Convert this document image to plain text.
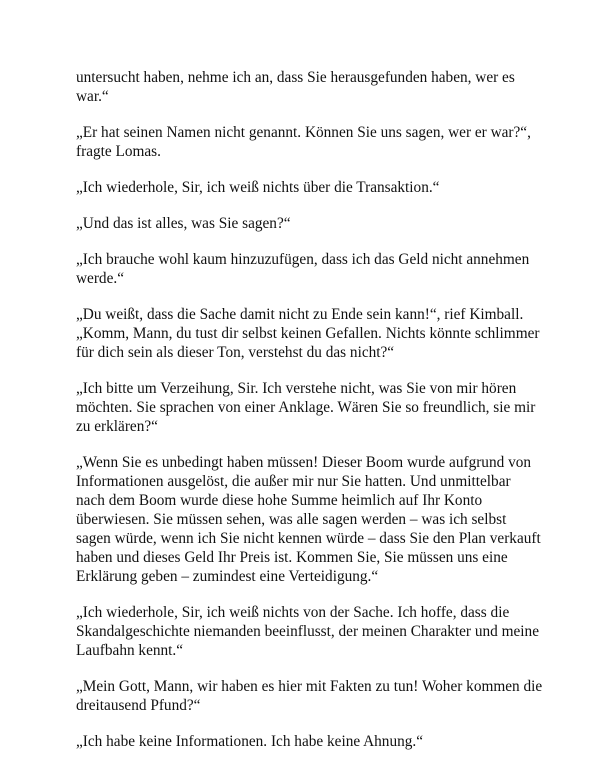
untersucht haben, nehme ich an, dass Sie herausgefunden haben, wer es
war.“

„Er hat seinen Namen nicht genannt. Können Sie uns sagen, wer er war?“,
fragte Lomas.

„Ich wiederhole, Sir, ich weiß nichts über die Transaktion.“

„Und das ist alles, was Sie sagen?“

„Ich brauche wohl kaum hinzuzufügen, dass ich das Geld nicht annehmen
werde.“

„Du weißt, dass die Sache damit nicht zu Ende sein kann!“, rief Kimball.
„Komm, Mann, du tust dir selbst keinen Gefallen. Nichts könnte schlimmer
für dich sein als dieser Ton, verstehst du das nicht?“

„Ich bitte um Verzeihung, Sir. Ich verstehe nicht, was Sie von mir hören
möchten. Sie sprachen von einer Anklage. Wären Sie so freundlich, sie mir
zu erklären?“

„Wenn Sie es unbedingt haben müssen! Dieser Boom wurde aufgrund von
Informationen ausgelöst, die außer mir nur Sie hatten. Und unmittelbar
nach dem Boom wurde diese hohe Summe heimlich auf Ihr Konto
überwiesen. Sie müssen sehen, was alle sagen werden – was ich selbst
sagen würde, wenn ich Sie nicht kennen würde – dass Sie den Plan verkauft
haben und dieses Geld Ihr Preis ist. Kommen Sie, Sie müssen uns eine
Erklärung geben – zumindest eine Verteidigung.“

„Ich wiederhole, Sir, ich weiß nichts von der Sache. Ich hoffe, dass die
Skandalgeschichte niemanden beeinflusst, der meinen Charakter und meine
Laufbahn kennt.“

„Mein Gott, Mann, wir haben es hier mit Fakten zu tun! Woher kommen die
dreitausend Pfund?“

„Ich habe keine Informationen. Ich habe keine Ahnung.“
